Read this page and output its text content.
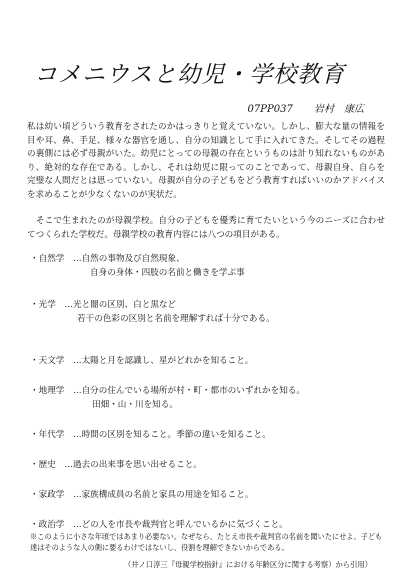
コメニウスと幼児・学校教育
07PP037 岩村　康広

私は幼い頃どういう教育をされたのかはっきりと覚えていない。しかし、膨大な量の情報を目や耳、鼻、手足、様々な器官を通し、自分の知識として手に入れてきた。そしてその過程の裏側には必ず母親がいた。幼児にとっての母親の存在というものは計り知れないものがあり、絶対的な存在である。しかし、それは幼児に限ってのことであって、母親自身、自らを完璧な人間だとは思っていない。母親が自分の子どもをどう教育すればいいのかアドバイスを求めることが少なくないのが実状だ。

そこで生まれたのが母親学校。自分の子どもを優秀に育てたいという今のニーズに合わせてつくられた学校だ。母親学校の教育内容には八つの項目がある。

・自然学　…自然の事物及び自然現象、
自身の身体・四肢の名前と働きを学ぶ事
・光学　…光と闇の区別、白と黒など
若干の色彩の区別と名前を理解すれば十分である。
・天文学　…太陽と月を認識し、星がどれかを知ること。
・地理学　…自分の住んでいる場所が村・町・都市のいずれかを知る。
田畑・山・川を知る。
・年代学　…時間の区別を知ること。季節の違いを知ること。
・歴史　…過去の出来事を思い出せること。
・家政学　…家族構成員の名前と家具の用途を知ること。
・政治学　…どの人を市長や裁判官と呼んでいるかに気づくこと。

※このように小さな年頃ではあまり必要ない。なぜなら、たとえ市長や裁判官の名前を聞いたにせよ、子ども達はそのような人の側に要るわけではないし、役割を理解できないからである。

（井ノ口淳三『母親学校指針』における年齢区分に関する考察）から引用）
